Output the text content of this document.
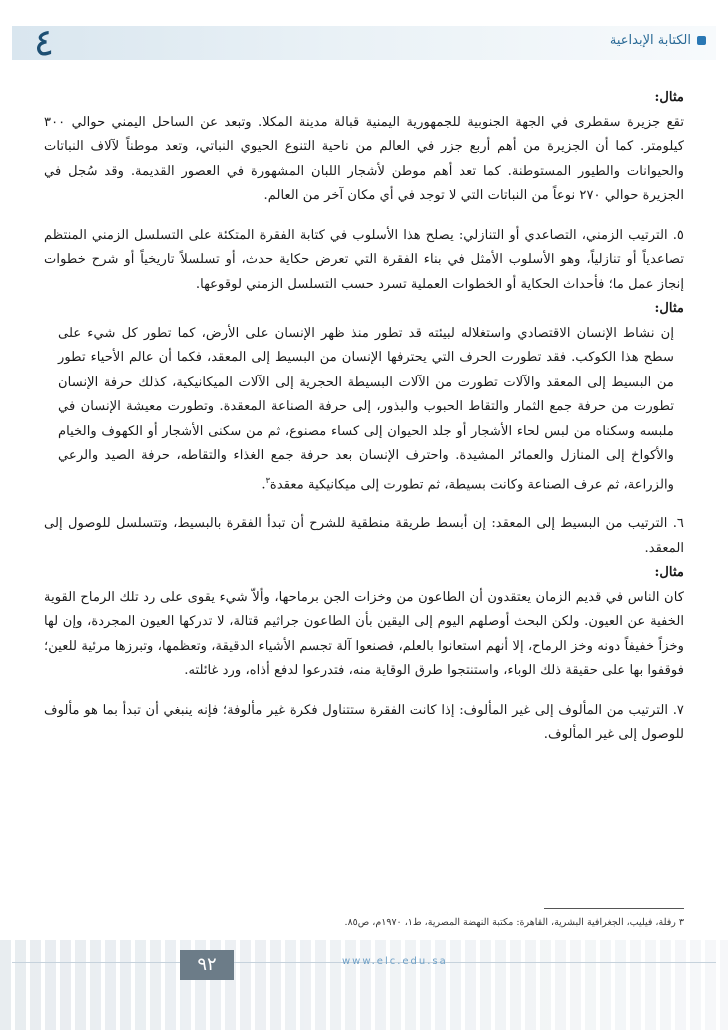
٤	الكتابة الإبداعية

مثال:

تقع جزيرة سقطرى في الجهة الجنوبية للجمهورية اليمنية قبالة مدينة المكلا. وتبعد عن الساحل اليمني حوالي ٣٠٠ كيلومتر. كما أن الجزيرة من أهم أربع جزر في العالم من ناحية التنوع الحيوي النباتي، وتعد موطناً لآلاف النباتات والحيوانات والطيور المستوطنة. كما تعد أهم موطن لأشجار اللبان المشهورة في العصور القديمة. وقد سُجل في الجزيرة حوالي ٢٧٠ نوعاً من النباتات التي لا توجد في أي مكان آخر من العالم.

٥. الترتيب الزمني، التصاعدي أو التنازلي: يصلح هذا الأسلوب في كتابة الفقرة المتكئة على التسلسل الزمني المنتظم تصاعدياً أو تنازلياً، وهو الأسلوب الأمثل في بناء الفقرة التي تعرض حكاية حدث، أو تسلسلاً تاريخياً أو شرح خطوات إنجاز عمل ما؛ فأحداث الحكاية أو الخطوات العملية تسرد حسب التسلسل الزمني لوقوعها.

مثال:

إن نشاط الإنسان الاقتصادي واستغلاله لبيئته قد تطور منذ ظهر الإنسان على الأرض، كما تطور كل شيء على سطح هذا الكوكب. فقد تطورت الحرف التي يحترفها الإنسان من البسيط إلى المعقد، فكما أن عالم الأحياء تطور من البسيط إلى المعقد والآلات تطورت من الآلات البسيطة الحجرية إلى الآلات الميكانيكية، كذلك حرفة الإنسان تطورت من حرفة جمع الثمار والتقاط الحبوب والبذور، إلى حرفة الصناعة المعقدة. وتطورت معيشة الإنسان في ملبسه وسكناه من لبس لحاء الأشجار أو جلد الحيوان إلى كساء مصنوع، ثم من سكنى الأشجار أو الكهوف والخيام والأكواخ إلى المنازل والعمائر المشيدة. واحترف الإنسان بعد حرفة جمع الغذاء والتقاطه، حرفة الصيد والرعي والزراعة، ثم عرف الصناعة وكانت بسيطة، ثم تطورت إلى ميكانيكية معقدة$^٣$.

٦. الترتيب من البسيط إلى المعقد: إن أبسط طريقة منطقية للشرح أن تبدأ الفقرة بالبسيط، وتتسلسل للوصول إلى المعقد.

مثال:

كان الناس في قديم الزمان يعتقدون أن الطاعون من وخزات الجن برماحها، وألاّ شيء يقوى على رد تلك الرماح القوية الخفية عن العيون. ولكن البحث أوصلهم اليوم إلى اليقين بأن الطاعون جراثيم قتالة، لا تدركها العيون المجردة، وإن لها وخزاً خفيفاً دونه وخز الرماح، إلا أنهم استعانوا بالعلم، فصنعوا آلة تجسم الأشياء الدقيقة، وتعظمها، وتبرزها مرئية للعين؛ فوقفوا بها على حقيقة ذلك الوباء، واستنتجوا طرق الوقاية منه، فتدرعوا لدفع أذاه، ورد غائلته.

٧. الترتيب من المألوف إلى غير المألوف: إذا كانت الفقرة ستتناول فكرة غير مألوفة؛ فإنه ينبغي أن تبدأ بما هو مألوف للوصول إلى غير المألوف.

٣ رفلة، فيليب، الجغرافية البشرية، القاهرة: مكتبة النهضة المصرية، ط١، ١٩٧٠م، ص٨٥.
٩٢	www.elc.edu.sa
